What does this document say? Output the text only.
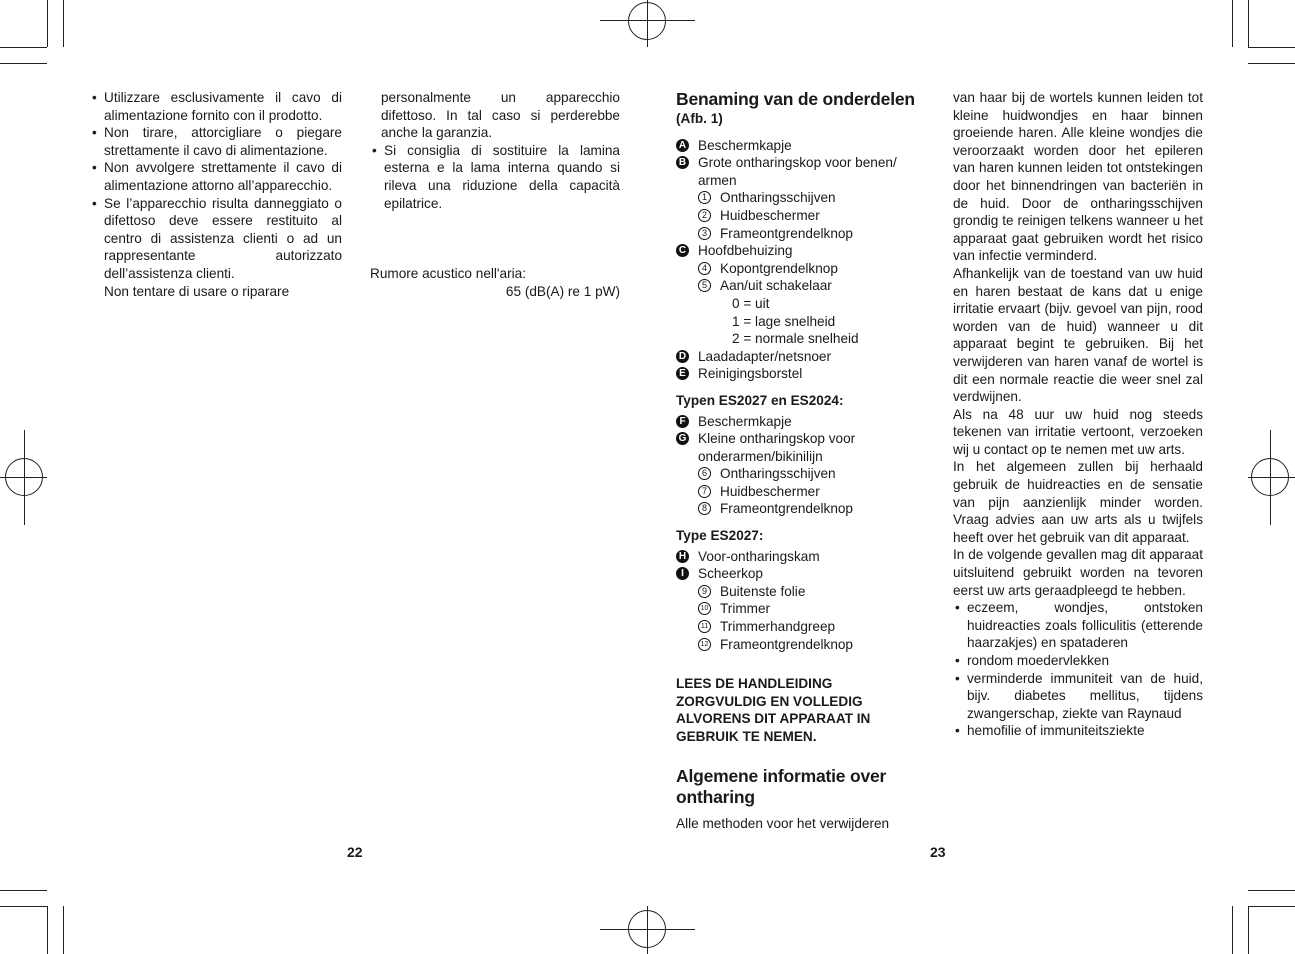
• Utilizzare esclusivamente il cavo di alimentazione fornito con il prodotto.
• Non tirare, attorcigliare o piegare strettamente il cavo di alimentazione.
• Non avvolgere strettamente il cavo di alimentazione attorno all’apparecchio.
• Se l’apparecchio risulta danneggiato o difettoso deve essere restituito al centro di assistenza clienti o ad un rappresentante autorizzato dell’assistenza clienti.
Non tentare di usare o riparare
personalmente un apparecchio difettoso. In tal caso si perderebbe anche la garanzia.
• Si consiglia di sostituire la lamina esterna e la lama interna quando si rileva una riduzione della capacità epilatrice.
Rumore acustico nell'aria:
65 (dB(A) re 1 pW)
22
Benaming van de onderdelen
(Afb. 1)
A Beschermkapje
B Grote ontharingskop voor benen/
armen
1 Ontharingsschijven
2 Huidbeschermer
3 Frameontgrendelknop
C Hoofdbehuizing
4 Kopontgrendelknop
5 Aan/uit schakelaar
0 = uit
1 = lage snelheid
2 = normale snelheid
D Laadadapter/netsnoer
E Reinigingsborstel
Typen ES2027 en ES2024:
F Beschermkapje
G Kleine ontharingskop voor
onderarmen/bikinilijn
6 Ontharingsschijven
7 Huidbeschermer
8 Frameontgrendelknop
Type ES2027:
H Voor-ontharingskam
I	Scheerkop
9 Buitenste folie
10 Trimmer
11 Trimmerhandgreep
12 Frameontgrendelknop
LEES DE HANDLEIDING ZORGVULDIG EN VOLLEDIG ALVORENS DIT APPARAAT IN GEBRUIK TE NEMEN.
Algemene informatie over ontharing
Alle methoden voor het verwijderen
van haar bij de wortels kunnen leiden tot kleine huidwondjes en haar binnen groeiende haren. Alle kleine wondjes die veroorzaakt worden door het epileren van haren kunnen leiden tot ontstekingen door het binnendringen van bacteriën in de huid. Door de ontharingsschijven grondig te reinigen telkens wanneer u het apparaat gaat gebruiken wordt het risico van infectie verminderd.
Afhankelijk van de toestand van uw huid en haren bestaat de kans dat u enige irritatie ervaart (bijv. gevoel van pijn, rood worden van de huid) wanneer u dit apparaat begint te gebruiken. Bij het verwijderen van haren vanaf de wortel is dit een normale reactie die weer snel zal verdwijnen.
Als na 48 uur uw huid nog steeds tekenen van irritatie vertoont, verzoeken wij u contact op te nemen met uw arts.
In het algemeen zullen bij herhaald gebruik de huidreacties en de sensatie van pijn aanzienlijk minder worden. Vraag advies aan uw arts als u twijfels heeft over het gebruik van dit apparaat.
In de volgende gevallen mag dit apparaat uitsluitend gebruikt worden na tevoren eerst uw arts geraadpleegd te hebben.
• eczeem, wondjes, ontstoken huidreacties zoals folliculitis (etterende haarzakjes) en spataderen
• rondom moedervlekken
• verminderde immuniteit van de huid, bijv. diabetes mellitus, tijdens zwangerschap, ziekte van Raynaud
• hemofilie of immuniteitsziekte
23
